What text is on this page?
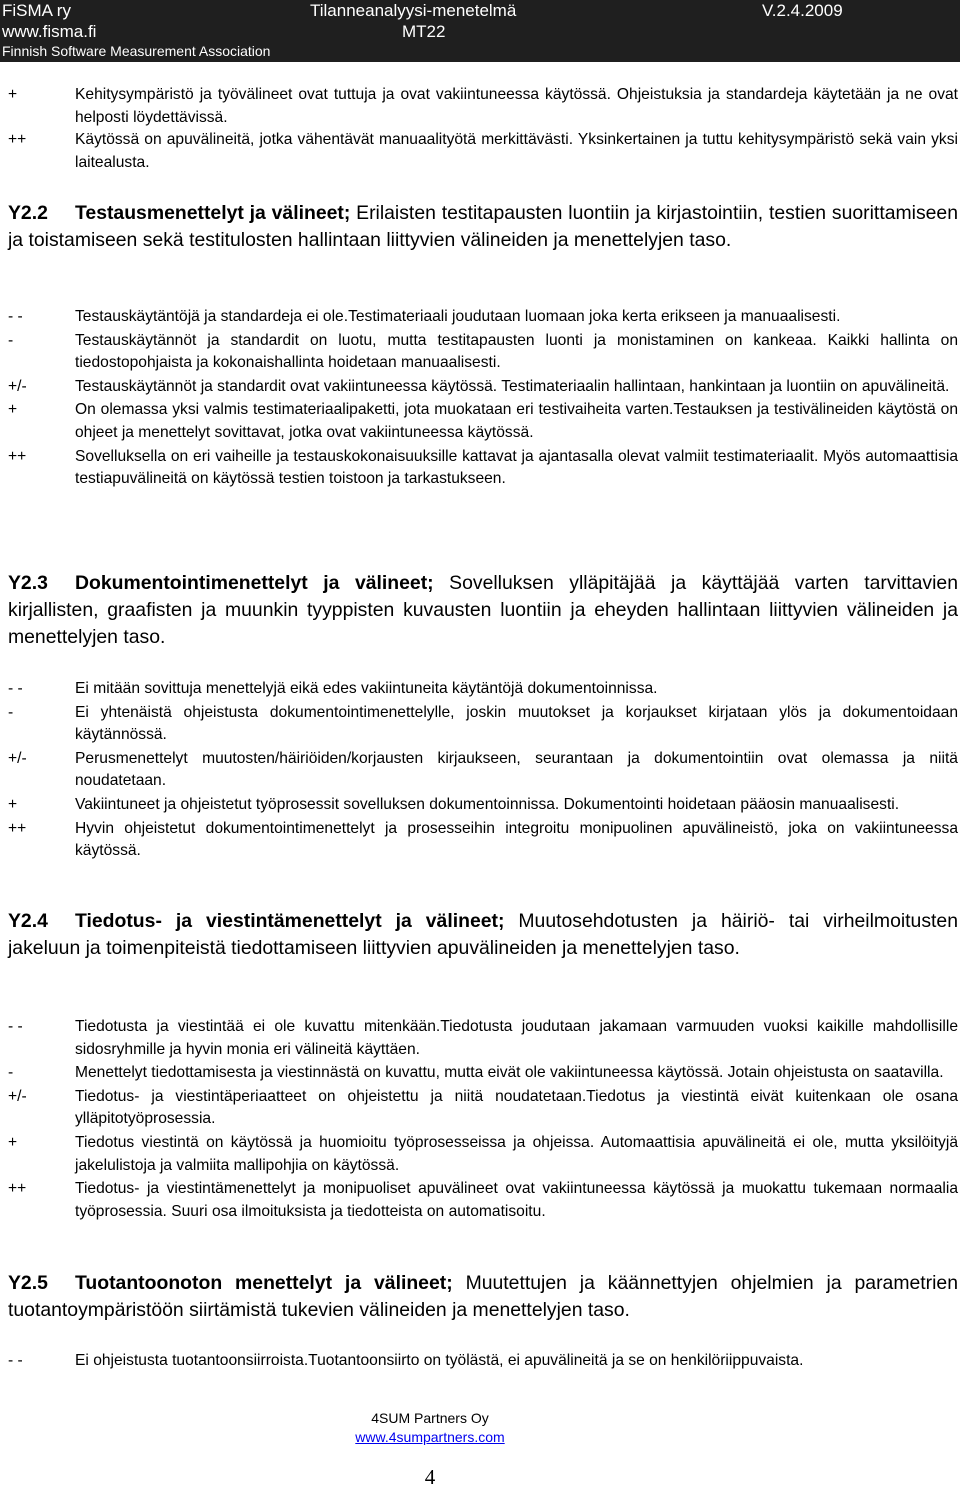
FiSMA ry	Tilanneanalyysi-menetelmä	V.2.4.2009
www.fisma.fi	MT22
Finnish Software Measurement Association
+	Kehitysympäristö ja työvälineet ovat tuttuja ja ovat vakiintuneessa käytössä. Ohjeistuksia ja standardeja käytetään ja ne ovat helposti löydettävissä.
++	Käytössä on apuvälineitä, jotka vähentävät manuaalityötä merkittävästi. Yksinkertainen ja tuttu kehitysympäristö sekä vain yksi laitealusta.
Y2.2 Testausmenettelyt ja välineet; Erilaisten testitapausten luontiin ja kirjastointiin, testien suorittamiseen ja toistamiseen sekä testitulosten hallintaan liittyvien välineiden ja menettelyjen taso.
- -	Testauskäytäntöjä ja standardeja ei ole.Testimateriaali joudutaan luomaan joka kerta erikseen ja manuaalisesti.
-	Testauskäytännöt ja standardit on luotu, mutta testitapausten luonti ja monistaminen on kankeaa. Kaikki hallinta on tiedostopohjaista ja kokonaishallinta hoidetaan manuaalisesti.
+/-	Testauskäytännöt ja standardit ovat vakiintuneessa käytössä. Testimateriaalin hallintaan, hankintaan ja luontiin on apuvälineitä.
+	On olemassa yksi valmis testimateriaalipaketti, jota muokataan eri testivaiheita varten.Testauksen ja testivälineiden käytöstä on ohjeet ja menettelyt sovittavat, jotka ovat vakiintuneessa käytössä.
++	Sovelluksella on eri vaiheille ja testauskokonaisuuksille kattavat ja ajantasalla olevat valmiit testimateriaalit. Myös automaattisia testiapuvälineitä on käytössä testien toistoon ja tarkastukseen.
Y2.3 Dokumentointimenettelyt ja välineet; Sovelluksen ylläpitäjää ja käyttäjää varten tarvittavien kirjallisten, graafisten ja muunkin tyyppisten kuvausten luontiin ja eheyden hallintaan liittyvien välineiden ja menettelyjen taso.
- -	Ei mitään sovittuja menettelyjä eikä edes vakiintuneita käytäntöjä dokumentoinnissa.
-	Ei yhtenäistä ohjeistusta dokumentointimenettelylle, joskin muutokset ja korjaukset kirjataan ylös ja dokumentoidaan käytännössä.
+/-	Perusmenettelyt muutosten/häiriöiden/korjausten kirjaukseen, seurantaan ja dokumentointiin ovat olemassa ja niitä noudatetaan.
+	Vakiintuneet ja ohjeistetut työprosessit sovelluksen dokumentoinnissa. Dokumentointi hoidetaan pääosin manuaalisesti.
++	Hyvin ohjeistetut dokumentointimenettelyt ja prosesseihin integroitu monipuolinen apuvälineistö, joka on vakiintuneessa käytössä.
Y2.4 Tiedotus- ja viestintämenettelyt ja välineet; Muutosehdotusten ja häiriö- tai virheilmoitusten jakeluun ja toimenpiteistä tiedottamiseen liittyvien apuvälineiden ja menettelyjen taso.
- -	Tiedotusta ja viestintää ei ole kuvattu mitenkään.Tiedotusta joudutaan jakamaan varmuuden vuoksi kaikille mahdollisille sidosryhmille ja hyvin monia eri välineitä käyttäen.
-	Menettelyt tiedottamisesta ja viestinnästä on kuvattu, mutta eivät ole vakiintuneessa käytössä. Jotain ohjeistusta on saatavilla.
+/-	Tiedotus- ja viestintäperiaatteet on ohjeistettu ja niitä noudatetaan.Tiedotus ja viestintä eivät kuitenkaan ole osana ylläpitotyöprosessia.
+	Tiedotus viestintä on käytössä ja huomioitu työprosesseissa ja ohjeissa. Automaattisia apuvälineitä ei ole, mutta yksilöityjä jakelulistoja ja valmiita mallipohjia on käytössä.
++	Tiedotus- ja viestintämenettelyt ja monipuoliset apuvälineet ovat vakiintuneessa käytössä ja muokattu tukemaan normaalia työprosessia. Suuri osa ilmoituksista ja tiedotteista on automatisoitu.
Y2.5 Tuotantoonoton menettelyt ja välineet; Muutettujen ja käännettyjen ohjelmien ja parametrien tuotantoympäristöön siirtämistä tukevien välineiden ja menettelyjen taso.
- -	Ei ohjeistusta tuotantoonsiirroista.Tuotantoonsiirto on työlästä, ei apuvälineitä ja se on henkilöriippuvaista.
4SUM Partners Oy
www.4sumpartners.com
4
